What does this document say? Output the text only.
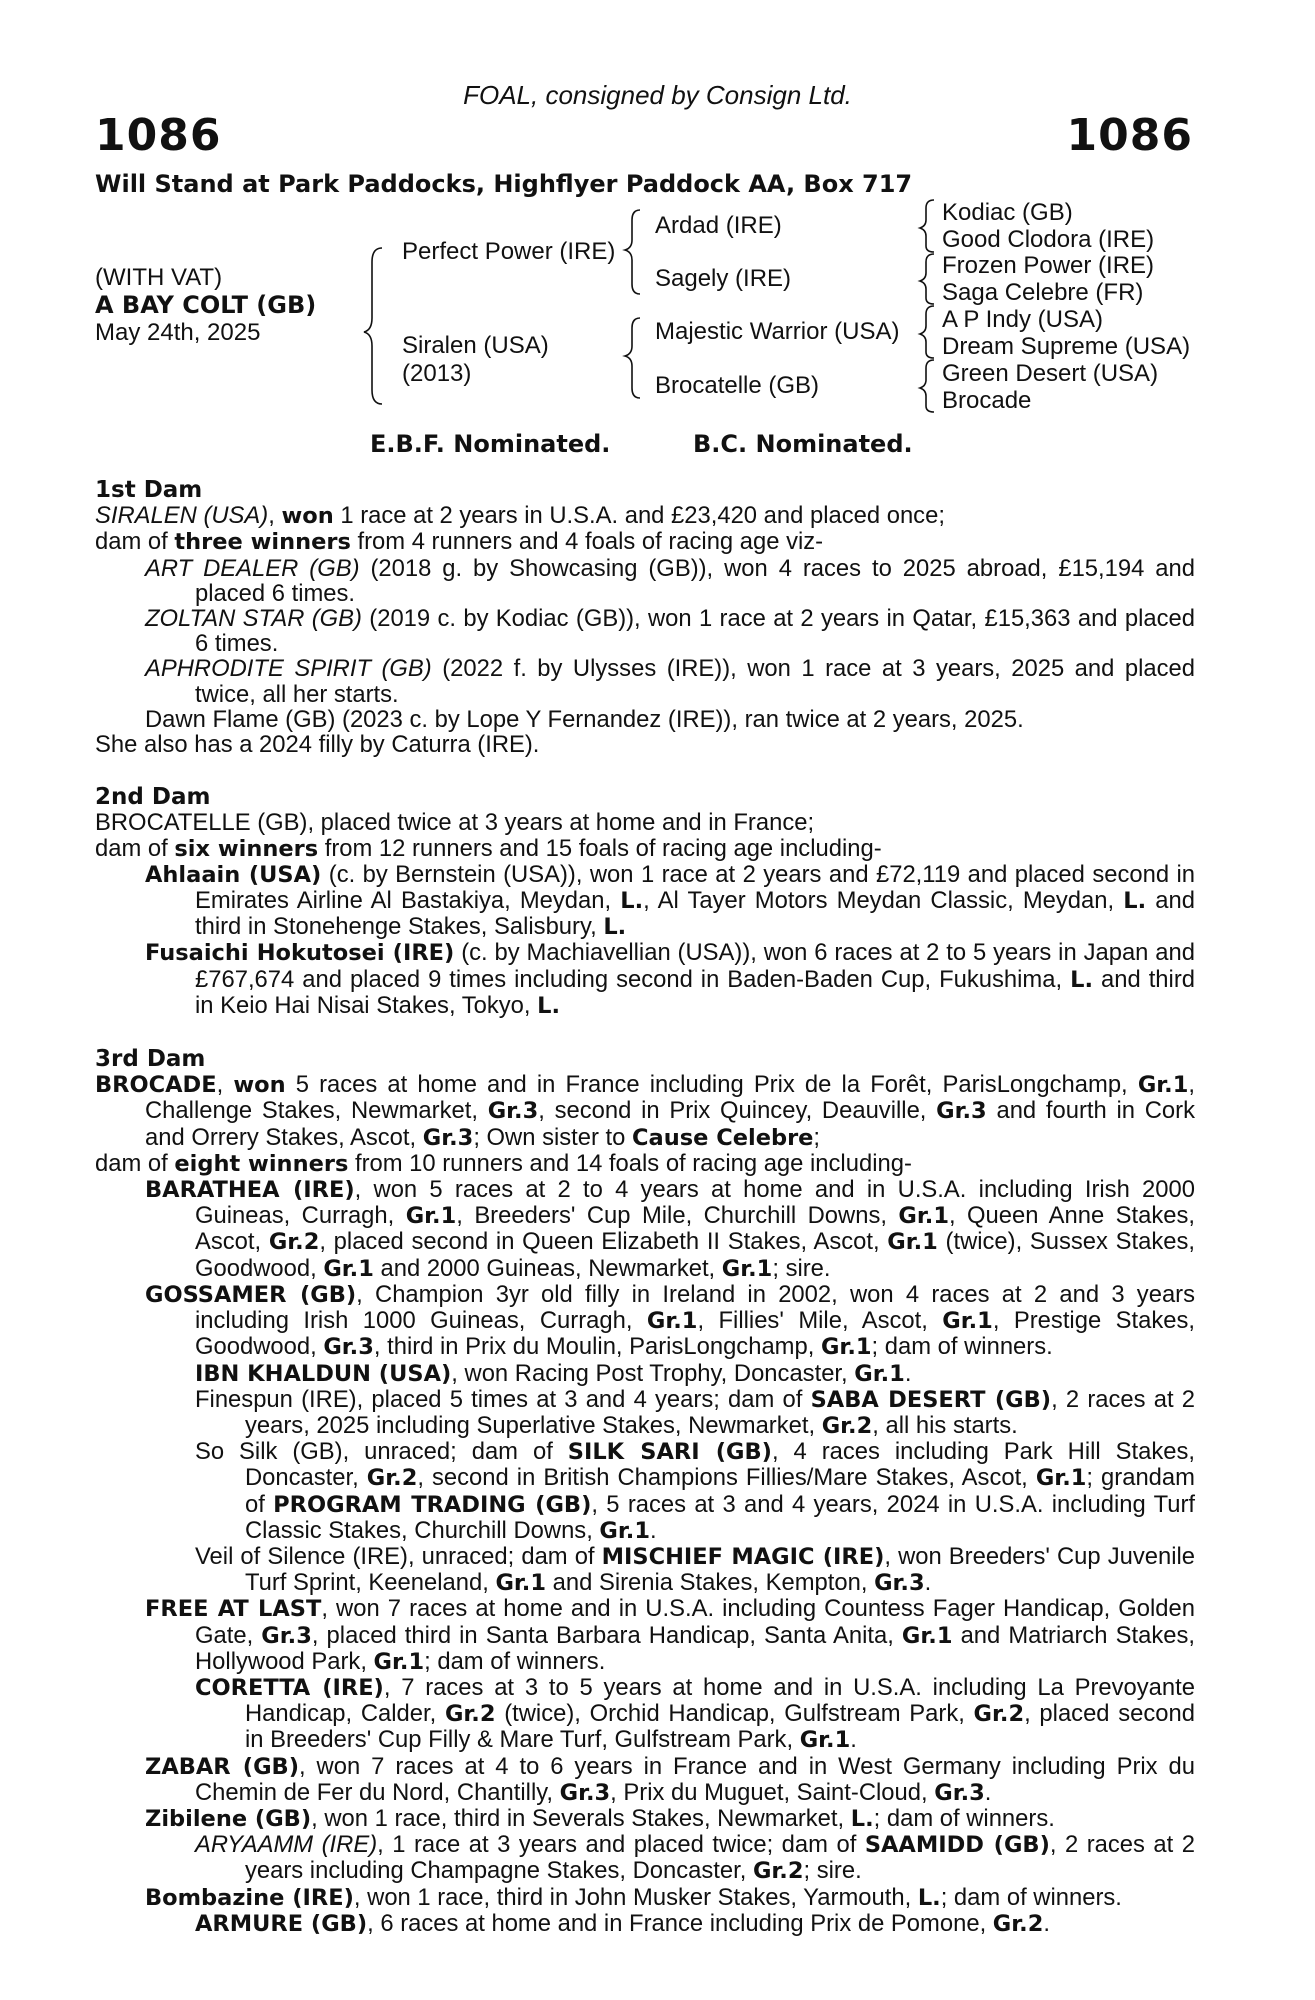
FOAL, consigned by Consign Ltd.
1086	1086
Will Stand at Park Paddocks, Highflyer Paddock AA, Box 717
(WITH VAT)
A BAY COLT (GB)
May 24th, 2025
Perfect Power (IRE)
Siralen (USA)
(2013)
Ardad (IRE)
Sagely (IRE)
Majestic Warrior (USA)
Brocatelle (GB)
Kodiac (GB)
Good Clodora (IRE)
Frozen Power (IRE)
Saga Celebre (FR)
A P Indy (USA)
Dream Supreme (USA)
Green Desert (USA)
Brocade
E.B.F. Nominated.	B.C. Nominated.
1st Dam
SIRALEN (USA), won 1 race at 2 years in U.S.A. and £23,420 and placed once;
dam of three winners from 4 runners and 4 foals of racing age viz-
ART DEALER (GB) (2018 g. by Showcasing (GB)), won 4 races to 2025 abroad, £15,194 and placed 6 times.
ZOLTAN STAR (GB) (2019 c. by Kodiac (GB)), won 1 race at 2 years in Qatar, £15,363 and placed 6 times.
APHRODITE SPIRIT (GB) (2022 f. by Ulysses (IRE)), won 1 race at 3 years, 2025 and placed twice, all her starts.
Dawn Flame (GB) (2023 c. by Lope Y Fernandez (IRE)), ran twice at 2 years, 2025.
She also has a 2024 filly by Caturra (IRE).
2nd Dam
BROCATELLE (GB), placed twice at 3 years at home and in France;
dam of six winners from 12 runners and 15 foals of racing age including-
Ahlaain (USA) (c. by Bernstein (USA)), won 1 race at 2 years and £72,119 and placed second in Emirates Airline Al Bastakiya, Meydan, L., Al Tayer Motors Meydan Classic, Meydan, L. and third in Stonehenge Stakes, Salisbury, L.
Fusaichi Hokutosei (IRE) (c. by Machiavellian (USA)), won 6 races at 2 to 5 years in Japan and £767,674 and placed 9 times including second in Baden-Baden Cup, Fukushima, L. and third in Keio Hai Nisai Stakes, Tokyo, L.
3rd Dam
BROCADE, won 5 races at home and in France including Prix de la Forêt, ParisLongchamp, Gr.1, Challenge Stakes, Newmarket, Gr.3, second in Prix Quincey, Deauville, Gr.3 and fourth in Cork and Orrery Stakes, Ascot, Gr.3; Own sister to Cause Celebre;
dam of eight winners from 10 runners and 14 foals of racing age including-
BARATHEA (IRE), won 5 races at 2 to 4 years at home and in U.S.A. including Irish 2000 Guineas, Curragh, Gr.1, Breeders' Cup Mile, Churchill Downs, Gr.1, Queen Anne Stakes, Ascot, Gr.2, placed second in Queen Elizabeth II Stakes, Ascot, Gr.1 (twice), Sussex Stakes, Goodwood, Gr.1 and 2000 Guineas, Newmarket, Gr.1; sire.
GOSSAMER (GB), Champion 3yr old filly in Ireland in 2002, won 4 races at 2 and 3 years including Irish 1000 Guineas, Curragh, Gr.1, Fillies' Mile, Ascot, Gr.1, Prestige Stakes, Goodwood, Gr.3, third in Prix du Moulin, ParisLongchamp, Gr.1; dam of winners.
IBN KHALDUN (USA), won Racing Post Trophy, Doncaster, Gr.1.
Finespun (IRE), placed 5 times at 3 and 4 years; dam of SABA DESERT (GB), 2 races at 2 years, 2025 including Superlative Stakes, Newmarket, Gr.2, all his starts.
So Silk (GB), unraced; dam of SILK SARI (GB), 4 races including Park Hill Stakes, Doncaster, Gr.2, second in British Champions Fillies/Mare Stakes, Ascot, Gr.1; grandam of PROGRAM TRADING (GB), 5 races at 3 and 4 years, 2024 in U.S.A. including Turf Classic Stakes, Churchill Downs, Gr.1.
Veil of Silence (IRE), unraced; dam of MISCHIEF MAGIC (IRE), won Breeders' Cup Juvenile Turf Sprint, Keeneland, Gr.1 and Sirenia Stakes, Kempton, Gr.3.
FREE AT LAST, won 7 races at home and in U.S.A. including Countess Fager Handicap, Golden Gate, Gr.3, placed third in Santa Barbara Handicap, Santa Anita, Gr.1 and Matriarch Stakes, Hollywood Park, Gr.1; dam of winners.
CORETTA (IRE), 7 races at 3 to 5 years at home and in U.S.A. including La Prevoyante Handicap, Calder, Gr.2 (twice), Orchid Handicap, Gulfstream Park, Gr.2, placed second in Breeders' Cup Filly & Mare Turf, Gulfstream Park, Gr.1.
ZABAR (GB), won 7 races at 4 to 6 years in France and in West Germany including Prix du Chemin de Fer du Nord, Chantilly, Gr.3, Prix du Muguet, Saint-Cloud, Gr.3.
Zibilene (GB), won 1 race, third in Severals Stakes, Newmarket, L.; dam of winners.
ARYAAMM (IRE), 1 race at 3 years and placed twice; dam of SAAMIDD (GB), 2 races at 2 years including Champagne Stakes, Doncaster, Gr.2; sire.
Bombazine (IRE), won 1 race, third in John Musker Stakes, Yarmouth, L.; dam of winners.
ARMURE (GB), 6 races at home and in France including Prix de Pomone, Gr.2.
